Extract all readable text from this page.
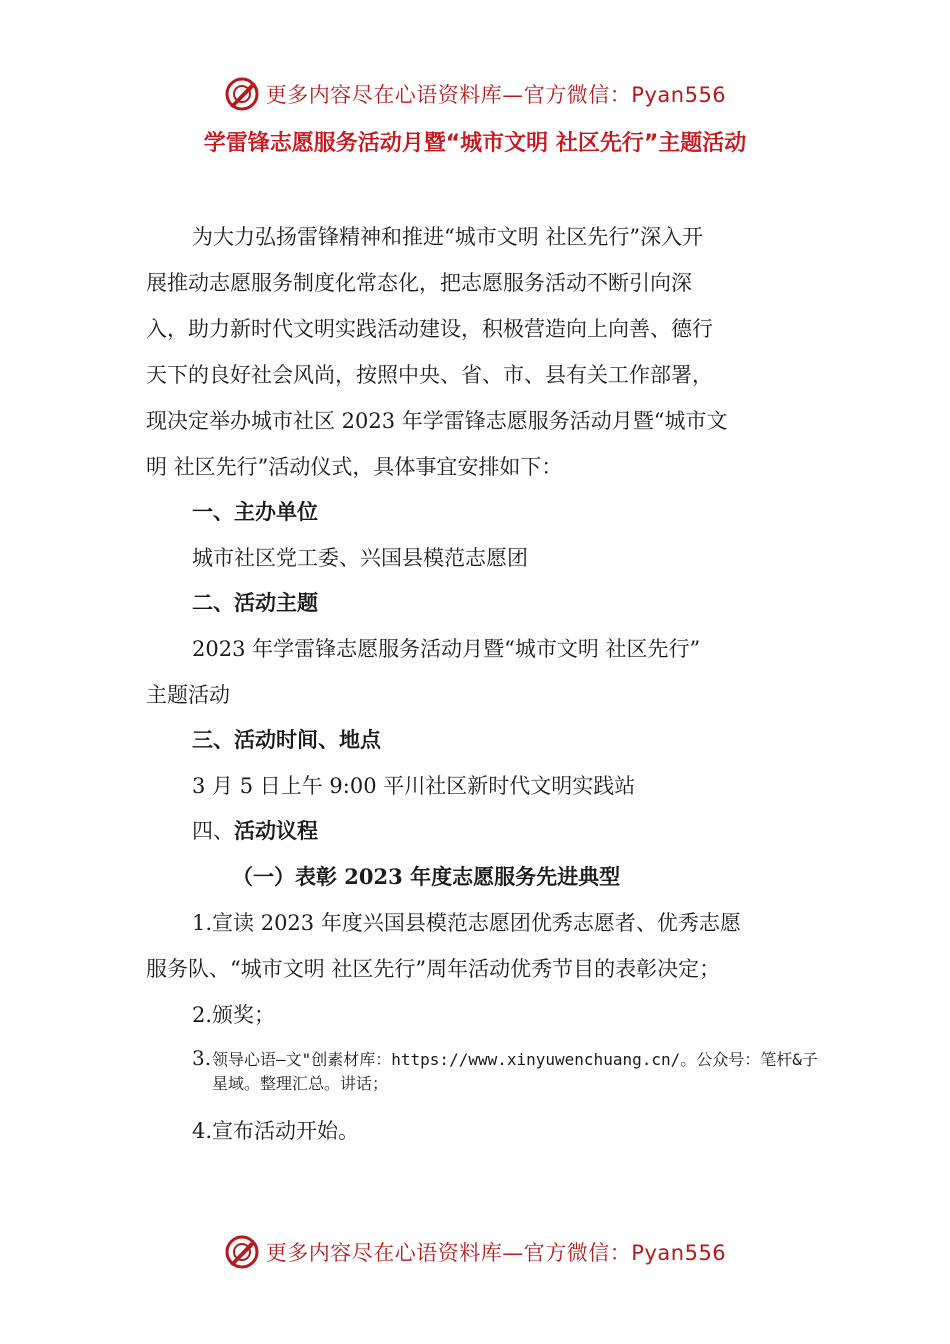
更多内容尽在心语资料库—官方微信：Pyan556
学雷锋志愿服务活动月暨“城市文明 社区先行”主题活动

为大力弘扬雷锋精神和推进“城市文明 社区先行”深入开
展推动志愿服务制度化常态化，把志愿服务活动不断引向深
入，助力新时代文明实践活动建设，积极营造向上向善、德行
天下的良好社会风尚，按照中央、省、市、县有关工作部署，
现决定举办城市社区 2023 年学雷锋志愿服务活动月暨“城市文
明 社区先行”活动仪式，具体事宜安排如下：

一、主办单位

城市社区党工委、兴国县模范志愿团

二、活动主题

2023 年学雷锋志愿服务活动月暨“城市文明 社区先行”
主题活动

三、活动时间、地点

3 月 5 日上午 9:00 平川社区新时代文明实践站

四、活动议程

（一）表彰 2023 年度志愿服务先进典型

1.宣读 2023 年度兴国县模范志愿团优秀志愿者、优秀志愿
服务队、“城市文明 社区先行”周年活动优秀节目的表彰决定；

2.颁奖；

3. 领导心语—文"创素材库：https://www.xinyuwenchuang.cn/。公众号：笔杆&子
星域。整理汇总。讲话；

4.宣布活动开始。

更多内容尽在心语资料库—官方微信：Pyan556
